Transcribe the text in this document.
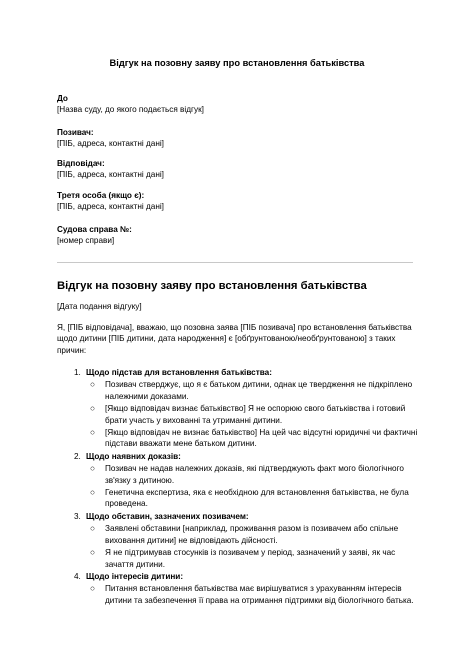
Відгук на позовну заяву про встановлення батьківства
До
[Назва суду, до якого подається відгук]
Позивач:
[ПІБ, адреса, контактні дані]
Відповідач:
[ПІБ, адреса, контактні дані]
Третя особа (якщо є):
[ПІБ, адреса, контактні дані]
Судова справа №:
[номер справи]
Відгук на позовну заяву про встановлення батьківства
[Дата подання відгуку]
Я, [ПІБ відповідача], вважаю, що позовна заява [ПІБ позивача] про встановлення батьківства щодо дитини [ПІБ дитини, дата народження] є [обґрунтованою/необґрунтованою] з таких причин:
1. Щодо підстав для встановлення батьківства:
○ Позивач стверджує, що я є батьком дитини, однак це твердження не підкріплено належними доказами.
○ [Якщо відповідач визнає батьківство] Я не оспорюю свого батьківства і готовий брати участь у вихованні та утриманні дитини.
○ [Якщо відповідач не визнає батьківство] На цей час відсутні юридичні чи фактичні підстави вважати мене батьком дитини.
2. Щодо наявних доказів:
○ Позивач не надав належних доказів, які підтверджують факт мого біологічного зв'язку з дитиною.
○ Генетична експертиза, яка є необхідною для встановлення батьківства, не була проведена.
3. Щодо обставин, зазначених позивачем:
○ Заявлені обставини [наприклад, проживання разом із позивачем або спільне виховання дитини] не відповідають дійсності.
○ Я не підтримував стосунків із позивачем у період, зазначений у заяві, як час зачаття дитини.
4. Щодо інтересів дитини:
○ Питання встановлення батьківства має вирішуватися з урахуванням інтересів дитини та забезпечення її права на отримання підтримки від біологічного батька.
